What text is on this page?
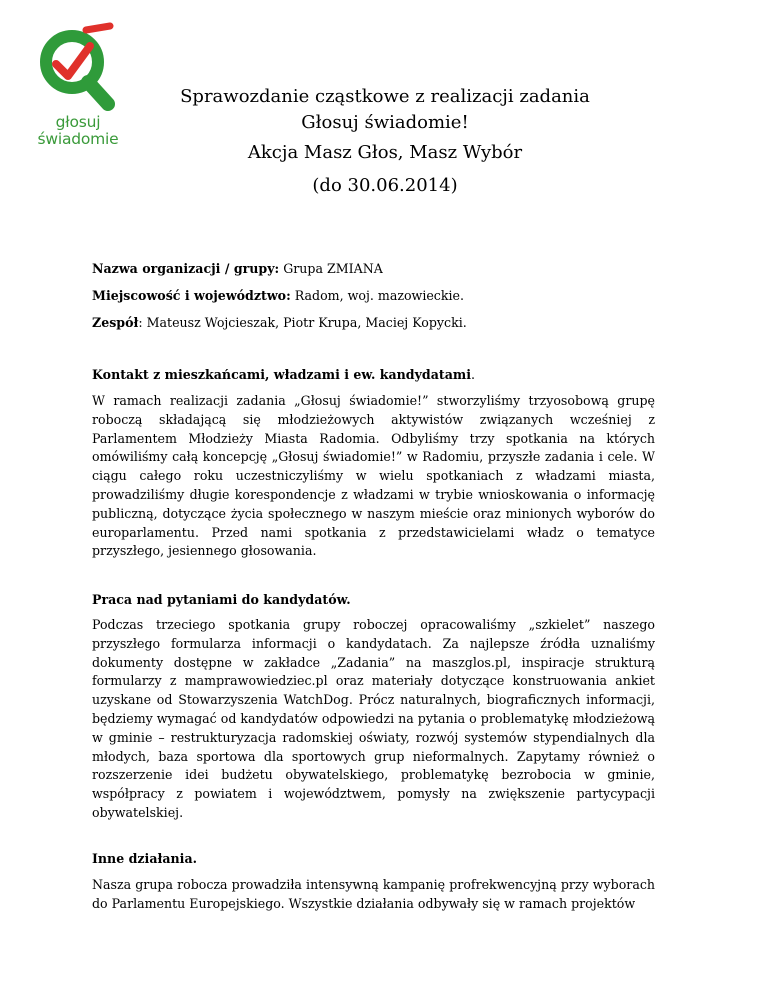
głosuj
świadomie
Sprawozdanie cząstkowe z realizacji zadania Głosuj świadomie!
Akcja Masz Głos, Masz Wybór
(do 30.06.2014)
Nazwa organizacji / grupy: Grupa ZMIANA
Miejscowość i województwo: Radom, woj. mazowieckie.
Zespół: Mateusz Wojcieszak, Piotr Krupa, Maciej Kopycki.
Kontakt z mieszkańcami, władzami i ew. kandydatami.
W ramach realizacji zadania „Głosuj świadomie!” stworzyliśmy trzyosobową grupę roboczą składającą się młodzieżowych aktywistów związanych wcześniej z Parlamentem Młodzieży Miasta Radomia. Odbyliśmy trzy spotkania na których omówiliśmy całą koncepcję „Głosuj świadomie!” w Radomiu, przyszłe zadania i cele. W ciągu całego roku uczestniczyliśmy w wielu spotkaniach z władzami miasta, prowadziliśmy długie korespondencje z władzami w trybie wnioskowania o informację publiczną, dotyczące życia społecznego w naszym mieście oraz minionych wyborów do europarlamentu. Przed nami spotkania z przedstawicielami władz o tematyce przyszłego, jesiennego głosowania.
Praca nad pytaniami do kandydatów.
Podczas trzeciego spotkania grupy roboczej opracowaliśmy „szkielet” naszego przyszłego formularza informacji o kandydatach. Za najlepsze źródła uznaliśmy dokumenty dostępne w zakładce „Zadania” na maszglos.pl, inspiracje strukturą formularzy z mamprawowiedziec.pl oraz materiały dotyczące konstruowania ankiet uzyskane od Stowarzyszenia WatchDog. Prócz naturalnych, biograficznych informacji, będziemy wymagać od kandydatów odpowiedzi na pytania o problematykę młodzieżową w gminie – restrukturyzacja radomskiej oświaty, rozwój systemów stypendialnych dla młodych, baza sportowa dla sportowych grup nieformalnych. Zapytamy również o rozszerzenie idei budżetu obywatelskiego, problematykę bezrobocia w gminie, współpracy z powiatem i województwem, pomysły na zwiększenie partycypacji obywatelskiej.
Inne działania.
Nasza grupa robocza prowadziła intensywną kampanię profrekwencyjną przy wyborach do Parlamentu Europejskiego. Wszystkie działania odbywały się w ramach projektów
